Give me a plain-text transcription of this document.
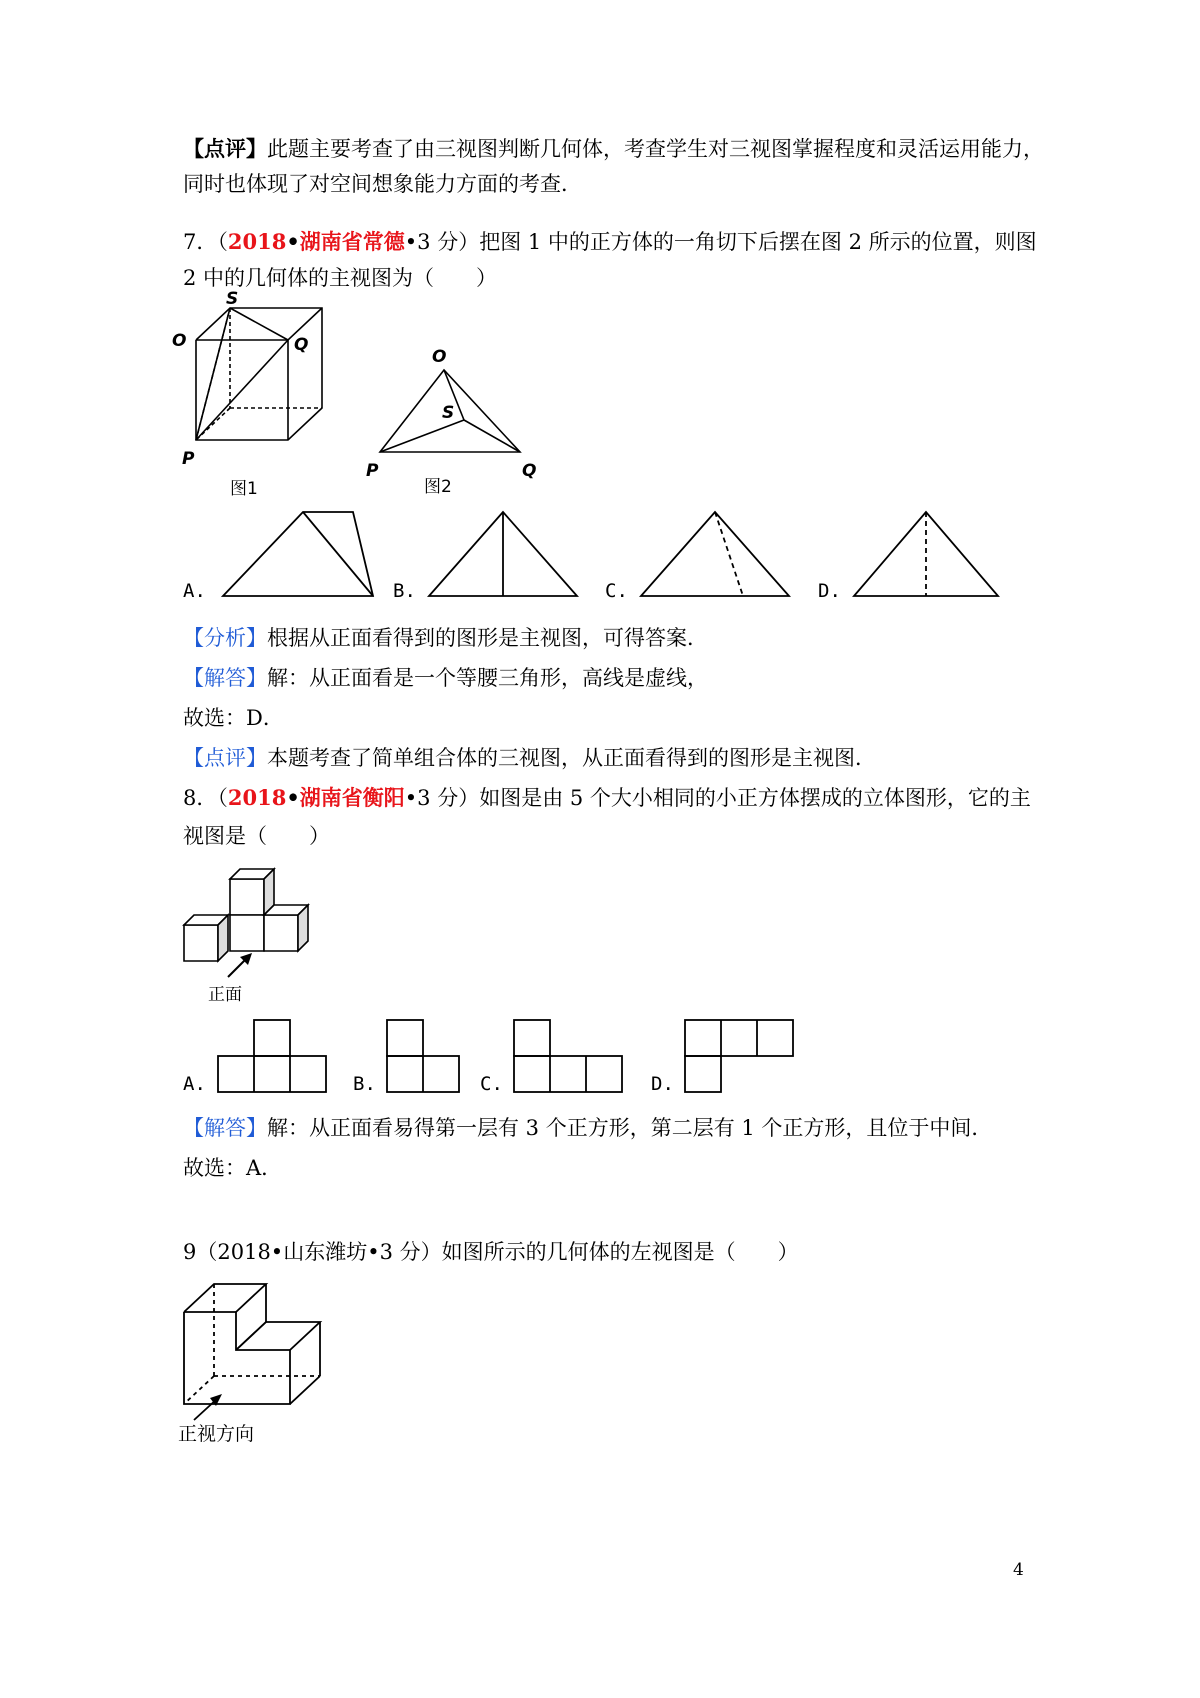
【点评】此题主要考查了由三视图判断几何体，考查学生对三视图掌握程度和灵活运用能力，
同时也体现了对空间想象能力方面的考查．
7．（2018•湖南省常德•3 分）把图 1 中的正方体的一角切下后摆在图 2 所示的位置，则图
2 中的几何体的主视图为（　　）
S
O	Q
P
图1
O
S
P	Q
图2
A.	B.	C.	D.
【分析】根据从正面看得到的图形是主视图，可得答案．
【解答】解：从正面看是一个等腰三角形，高线是虚线，
故选：D．
【点评】本题考查了简单组合体的三视图，从正面看得到的图形是主视图．
8．（2018•湖南省衡阳•3 分）如图是由 5 个大小相同的小正方体摆成的立体图形，它的主
视图是（　　）
正面
A.	B.	C.	D.
【解答】解：从正面看易得第一层有 3 个正方形，第二层有 1 个正方形，且位于中间．
故选：A．
9（2018•山东潍坊•3 分）如图所示的几何体的左视图是（　　）
正视方向
4
